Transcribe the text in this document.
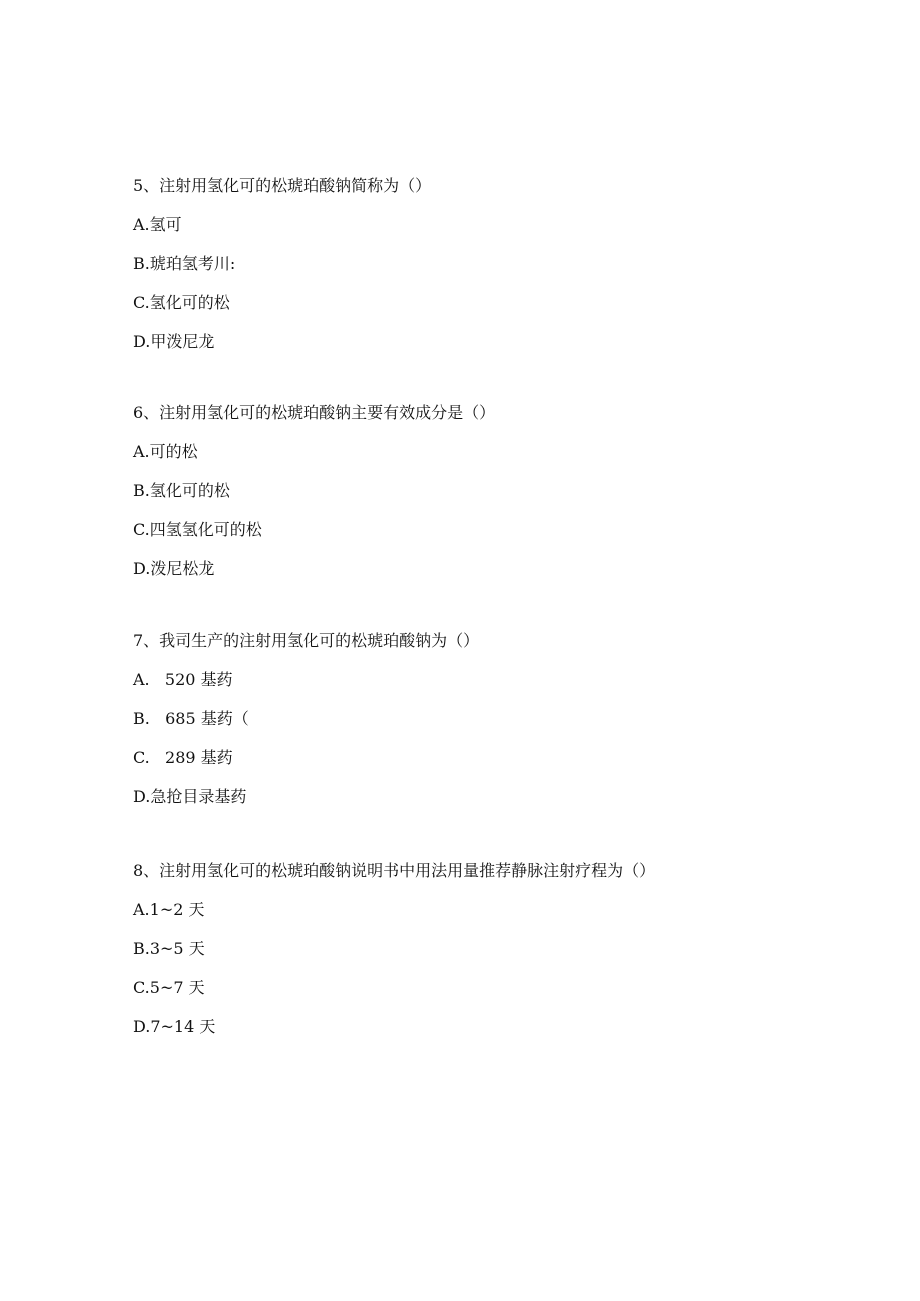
5、注射用氢化可的松琥珀酸钠简称为（）
A.氢可
B.琥珀氢考川:
C.氢化可的松
D.甲泼尼龙
6、注射用氢化可的松琥珀酸钠主要有效成分是（）
A.可的松
B.氢化可的松
C.四氢氢化可的松
D.泼尼松龙
7、我司生产的注射用氢化可的松琥珀酸钠为（）
A.   520 基药
B.   685 基药（
C.   289 基药
D.急抢目录基药
8、注射用氢化可的松琥珀酸钠说明书中用法用量推荐静脉注射疗程为（）
A.1~2 天
B.3~5 天
C.5~7 天
D.7~14 天
